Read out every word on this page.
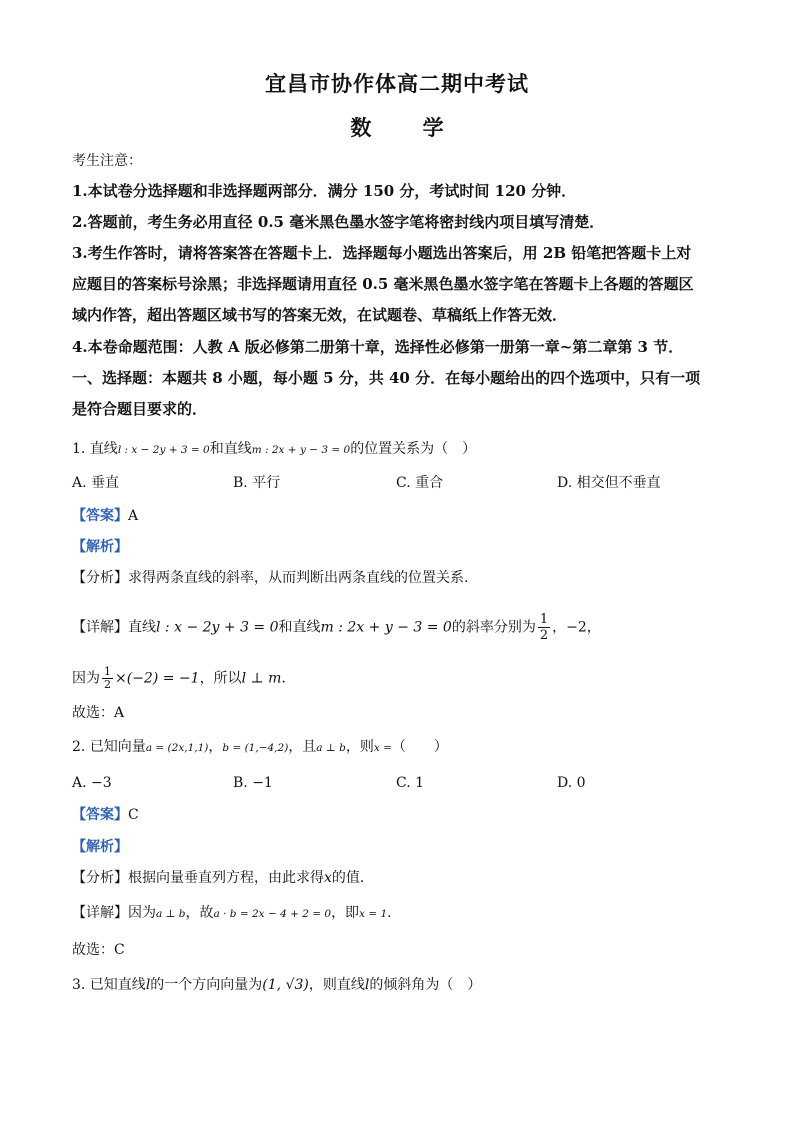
宜昌市协作体高二期中考试
数 学
考生注意：
1.本试卷分选择题和非选择题两部分．满分 150 分，考试时间 120 分钟．
2.答题前，考生务必用直径 0.5 毫米黑色墨水签字笔将密封线内项目填写清楚．
3.考生作答时，请将答案答在答题卡上．选择题每小题选出答案后，用 2B 铅笔把答题卡上对
应题目的答案标号涂黑；非选择题请用直径 0.5 毫米黑色墨水签字笔在答题卡上各题的答题区
域内作答，超出答题区域书写的答案无效，在试题卷、草稿纸上作答无效．
4.本卷命题范围：人教 A 版必修第二册第十章，选择性必修第一册第一章~第二章第 3 节．
一、选择题：本题共 8 小题，每小题 5 分，共 40 分．在每小题给出的四个选项中，只有一项
是符合题目要求的．
1. 直线l : x − 2y + 3 = 0和直线m : 2x + y − 3 = 0的位置关系为（　）
A. 垂直	B. 平行	C. 重合	D. 相交但不垂直
【答案】A
【解析】
【分析】求得两条直线的斜率，从而判断出两条直线的位置关系.
【详解】直线l : x − 2y + 3 = 0和直线m : 2x + y − 3 = 0的斜率分别为 $\frac{1}{2}$ ，−2，
因为 $\frac{1}{2} \times(-2) = -1$，所以l ⊥ m.
故选：A
2. 已知向量a = (2x,1,1)，b = (1,−4,2)，且a ⊥ b，则x =（　　）
A. −3	B. −1	C. 1	D. 0
【答案】C
【解析】
【分析】根据向量垂直列方程，由此求得x的值.
【详解】因为a ⊥ b，故a · b = 2x − 4 + 2 = 0，即x = 1.
故选：C
3. 已知直线l的一个方向向量为(1, √3)，则直线l的倾斜角为（　）
